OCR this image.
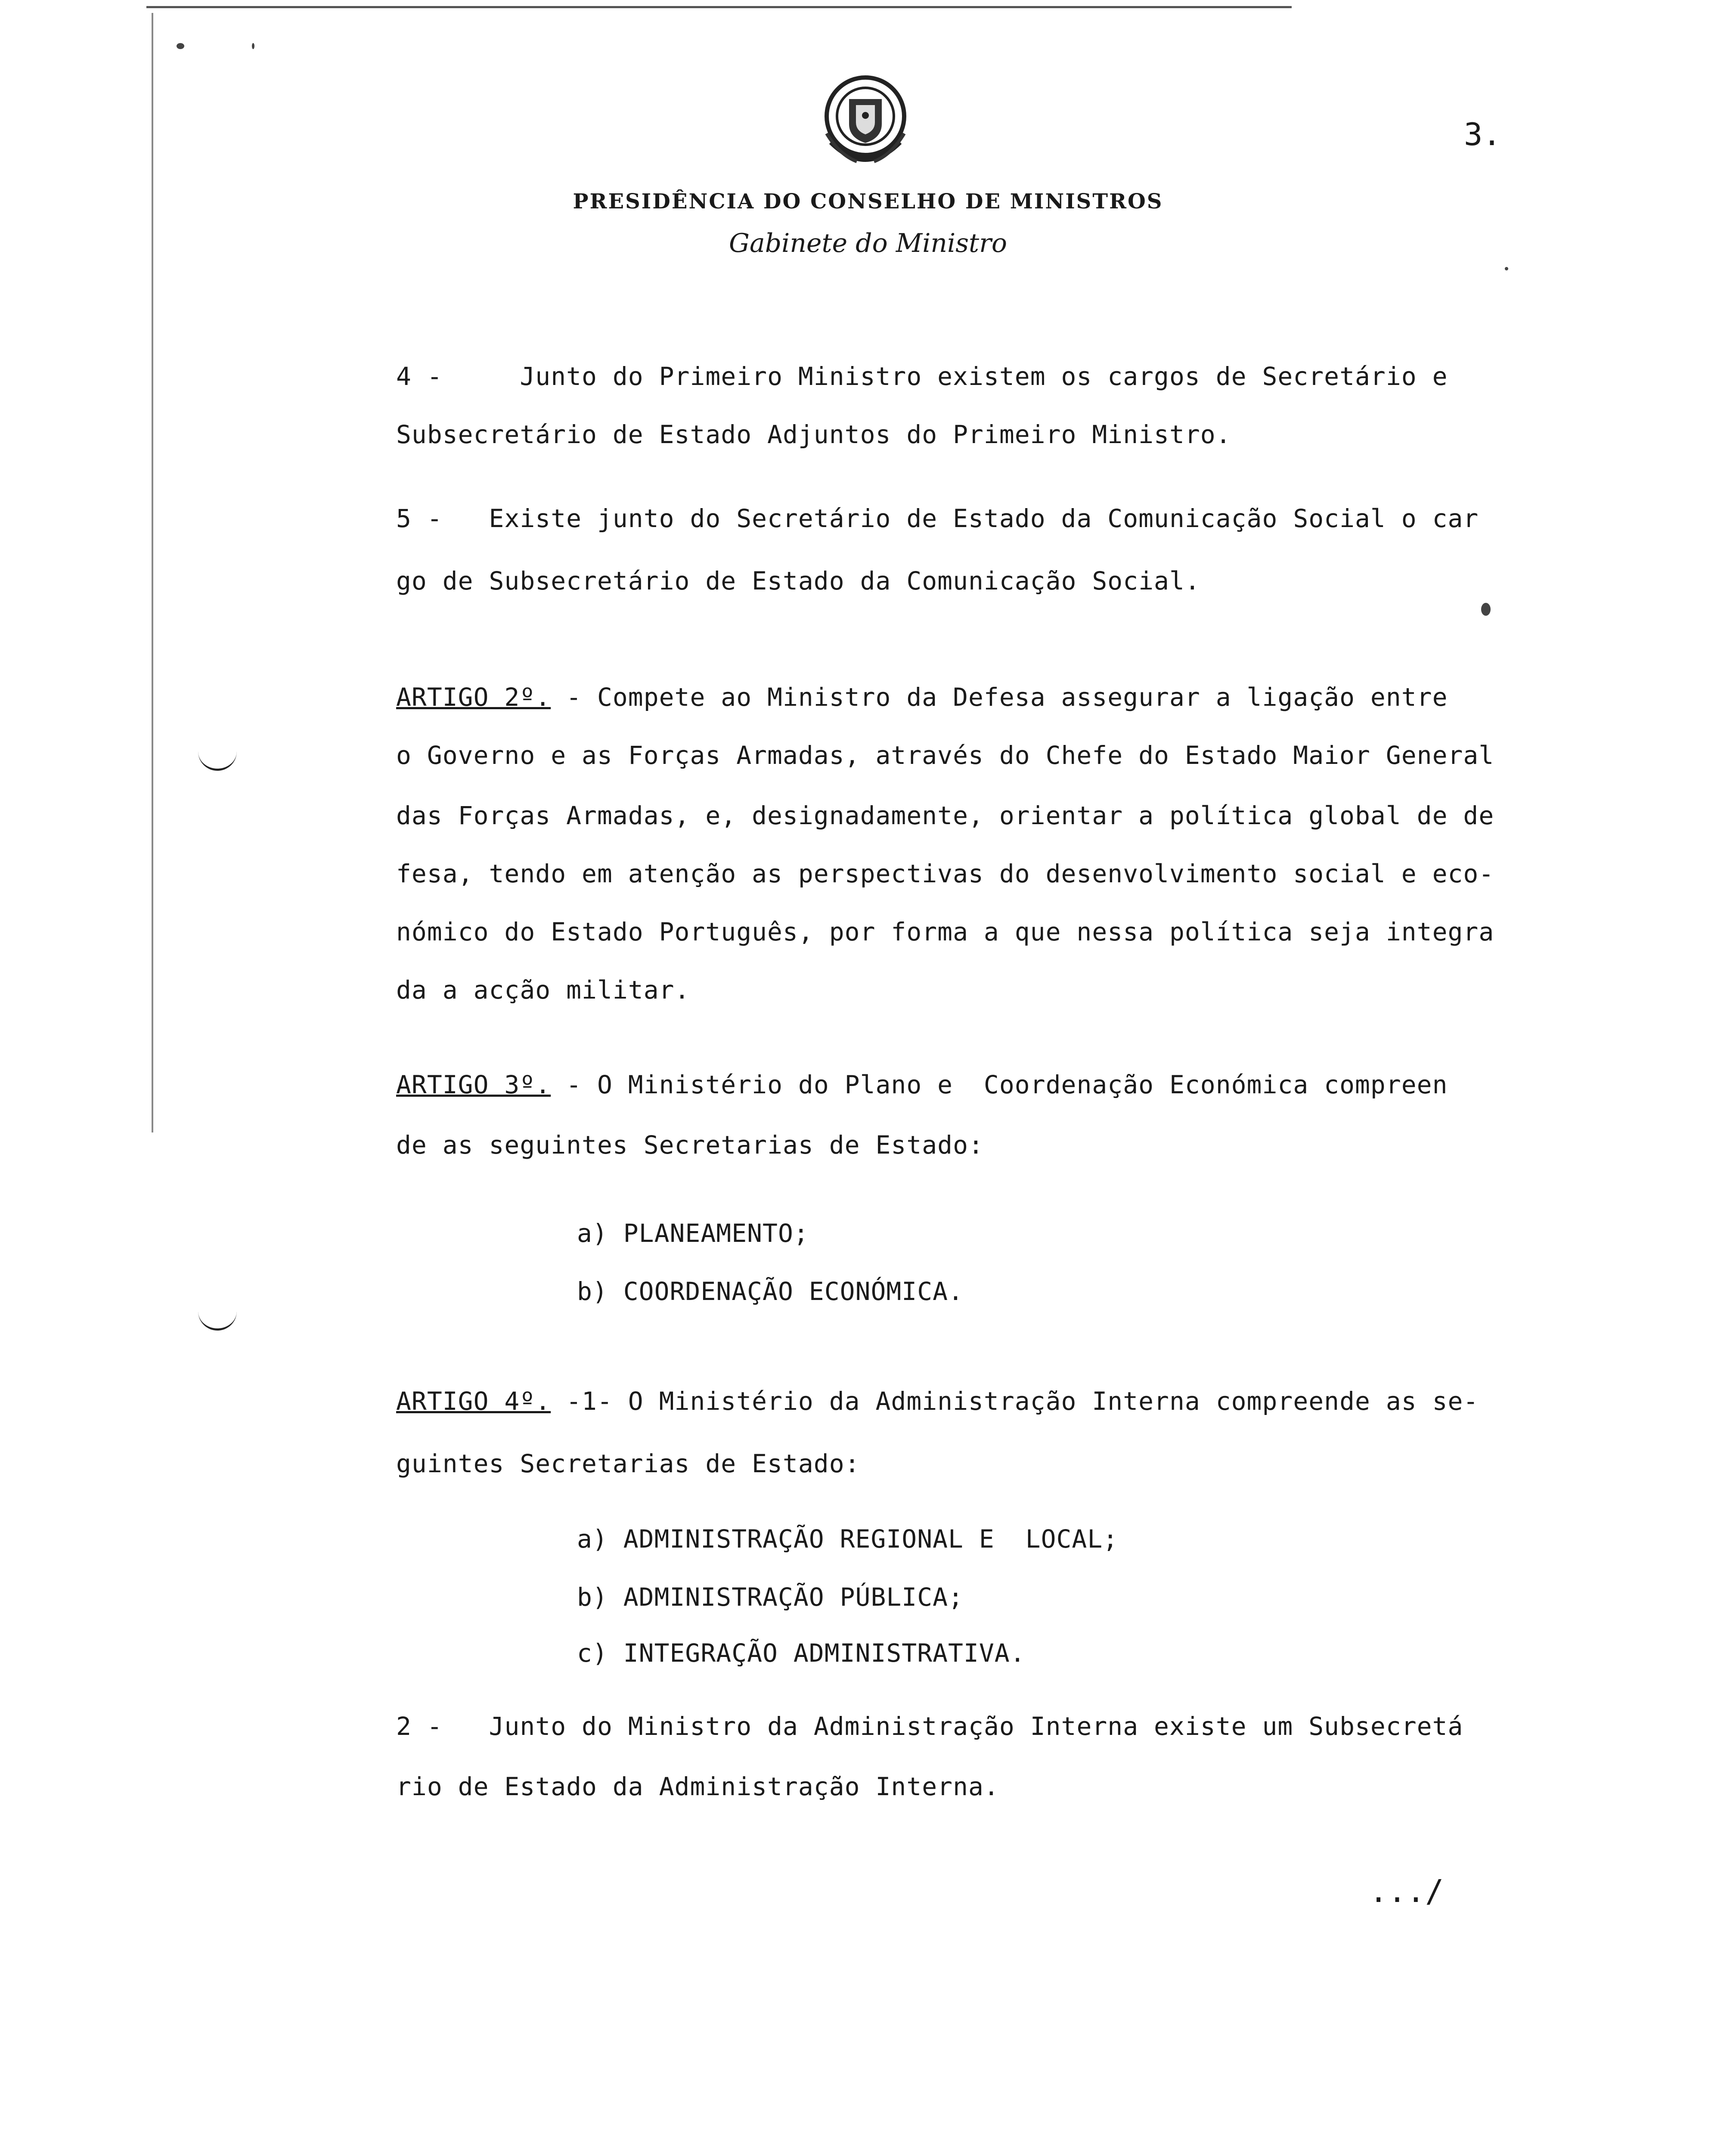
3.
PRESIDÊNCIA DO CONSELHO DE MINISTROS
Gabinete do Ministro
4 -	Junto do Primeiro Ministro existem os cargos de Secretário e
Subsecretário de Estado Adjuntos do Primeiro Ministro.
5 - Existe junto do Secretário de Estado da Comunicação Social o car
go de Subsecretário de Estado da Comunicação Social.
ARTIGO 2º. - Compete ao Ministro da Defesa assegurar a ligação entre
o Governo e as Forças Armadas, através do Chefe do Estado Maior General
das Forças Armadas, e, designadamente, orientar a política global de de
fesa, tendo em atenção as perspectivas do desenvolvimento social e eco-
nómico do Estado Português, por forma a que nessa política seja integra
da a acção militar.
ARTIGO 3º. - O Ministério do Plano e  Coordenação Económica compreen
de as seguintes Secretarias de Estado:
a) PLANEAMENTO;
b) COORDENAÇÃO ECONÓMICA.
ARTIGO 4º. -1- O Ministério da Administração Interna compreende as se-
guintes Secretarias de Estado:
a) ADMINISTRAÇÃO REGIONAL E  LOCAL;
b) ADMINISTRAÇÃO PÚBLICA;
c) INTEGRAÇÃO ADMINISTRATIVA.
2 - Junto do Ministro da Administração Interna existe um Subsecretá
rio de Estado da Administração Interna.
.../
